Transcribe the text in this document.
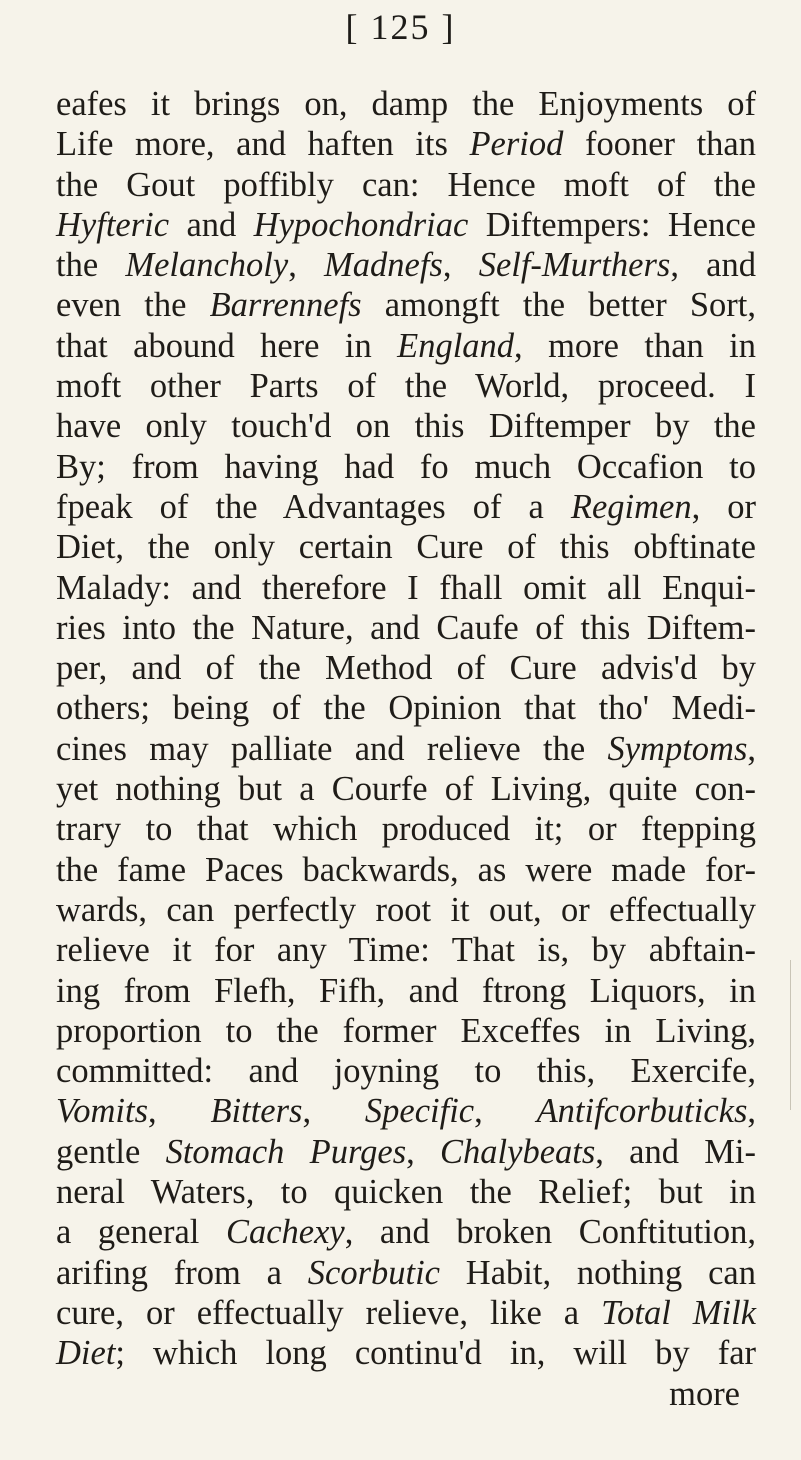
[ 125 ]
eafes it brings on, damp the Enjoyments of
Life more, and haften its Period fooner than
the Gout poffibly can: Hence moft of the
Hyfteric and Hypochondriac Diftempers: Hence
the Melancholy, Madnefs, Self-Murthers, and
even the Barrennefs amongft the better Sort,
that abound here in England, more than in
moft other Parts of the World, proceed. I
have only touch'd on this Diftemper by the
By; from having had fo much Occafion to
fpeak of the Advantages of a Regimen, or
Diet, the only certain Cure of this obftinate
Malady: and therefore I fhall omit all Enqui-
ries into the Nature, and Caufe of this Diftem-
per, and of the Method of Cure advis'd by
others; being of the Opinion that tho' Medi-
cines may palliate and relieve the Symptoms,
yet nothing but a Courfe of Living, quite con-
trary to that which produced it; or ftepping
the fame Paces backwards, as were made for-
wards, can perfectly root it out, or effectually
relieve it for any Time: That is, by abftain-
ing from Flefh, Fifh, and ftrong Liquors, in
proportion to the former Exceffes in Living,
committed: and joyning to this, Exercife,
Vomits, Bitters, Specific, Antifcorbuticks,
gentle Stomach Purges, Chalybeats, and Mi-
neral Waters, to quicken the Relief; but in
a general Cachexy, and broken Conftitution,
arifing from a Scorbutic Habit, nothing can
cure, or effectually relieve, like a Total Milk
Diet; which long continu'd in, will by far
more
